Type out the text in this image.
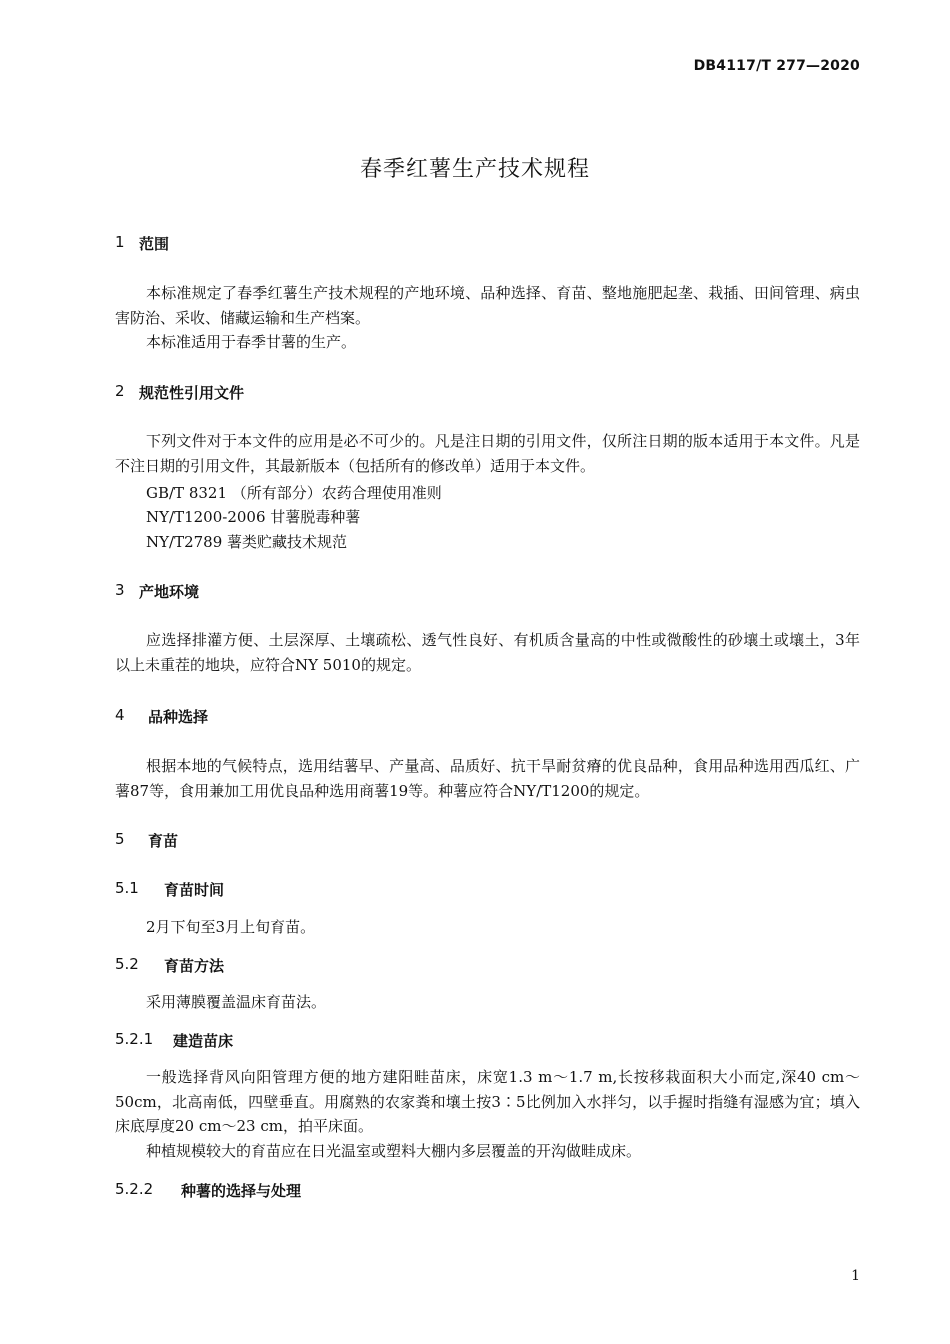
DB4117/T 277—2020
春季红薯生产技术规程
1 范围

本标准规定了春季红薯生产技术规程的产地环境、品种选择、育苗、整地施肥起垄、栽插、田间管理、病虫害防治、采收、储藏运输和生产档案。

本标准适用于春季甘薯的生产。

2 规范性引用文件

下列文件对于本文件的应用是必不可少的。凡是注日期的引用文件，仅所注日期的版本适用于本文件。凡是不注日期的引用文件，其最新版本（包括所有的修改单）适用于本文件。

GB/T 8321 （所有部分）农药合理使用准则
NY/T1200-2006 甘薯脱毒种薯
NY/T2789 薯类贮藏技术规范
3 产地环境

应选择排灌方便、土层深厚、土壤疏松、透气性良好、有机质含量高的中性或微酸性的砂壤土或壤土，3年以上未重茬的地块，应符合NY 5010的规定。

4 品种选择

根据本地的气候特点，选用结薯早、产量高、品质好、抗干旱耐贫瘠的优良品种，食用品种选用西瓜红、广薯87等，食用兼加工用优良品种选用商薯19等。种薯应符合NY/T1200的规定。

5 育苗
5.1 育苗时间

2月下旬至3月上旬育苗。

5.2 育苗方法

采用薄膜覆盖温床育苗法。

5.2.1 建造苗床

一般选择背风向阳管理方便的地方建阳畦苗床，床宽1.3 m～1.7 m,长按移栽面积大小而定,深40 cm～50cm，北高南低，四壁垂直。用腐熟的农家粪和壤土按3∶5比例加入水拌匀，以手握时指缝有湿感为宜；填入床底厚度20 cm～23 cm，拍平床面。

种植规模较大的育苗应在日光温室或塑料大棚内多层覆盖的开沟做畦成床。

5.2.2 种薯的选择与处理
1
